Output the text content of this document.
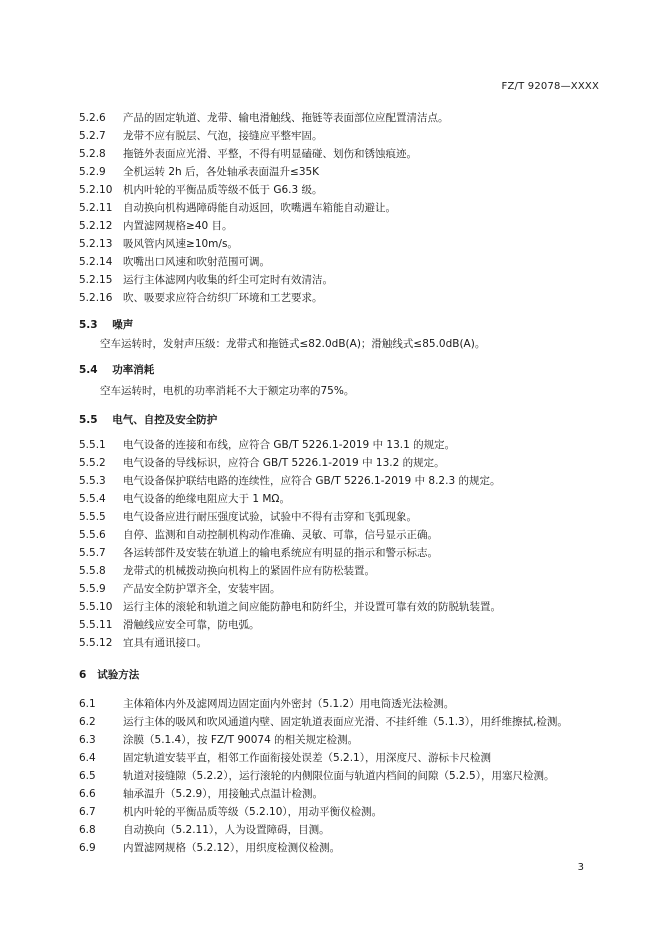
FZ/T 92078—XXXX
5.2.6 产品的固定轨道、龙带、输电滑触线、拖链等表面部位应配置清洁点。
5.2.7 龙带不应有脱层、气泡，接缝应平整牢固。
5.2.8 拖链外表面应光滑、平整，不得有明显磕碰、划伤和锈蚀痕迹。
5.2.9 全机运转 2h 后，各处轴承表面温升≤35K
5.2.10 机内叶轮的平衡品质等级不低于 G6.3 级。
5.2.11 自动换向机构遇障碍能自动返回，吹嘴遇车箱能自动避让。
5.2.12 内置滤网规格≥40 目。
5.2.13 吸风管内风速≥10m/s。
5.2.14 吹嘴出口风速和吹射范围可调。
5.2.15 运行主体滤网内收集的纤尘可定时有效清洁。
5.2.16 吹、吸要求应符合纺织厂环境和工艺要求。
5.3 噪声
空车运转时，发射声压级：龙带式和拖链式≤82.0dB(A)；滑触线式≤85.0dB(A)。
5.4 功率消耗
空车运转时，电机的功率消耗不大于额定功率的75%。
5.5 电气、自控及安全防护
5.5.1 电气设备的连接和布线，应符合 GB/T 5226.1-2019 中 13.1 的规定。
5.5.2 电气设备的导线标识，应符合 GB/T 5226.1-2019 中 13.2 的规定。
5.5.3 电气设备保护联结电路的连续性，应符合 GB/T 5226.1-2019 中 8.2.3 的规定。
5.5.4 电气设备的绝缘电阻应大于 1 MΩ。
5.5.5 电气设备应进行耐压强度试验，试验中不得有击穿和飞弧现象。
5.5.6 自停、监测和自动控制机构动作准确、灵敏、可靠，信号显示正确。
5.5.7 各运转部件及安装在轨道上的输电系统应有明显的指示和警示标志。
5.5.8 龙带式的机械拨动换向机构上的紧固件应有防松装置。
5.5.9 产品安全防护罩齐全，安装牢固。
5.5.10 运行主体的滚轮和轨道之间应能防静电和防纤尘，并设置可靠有效的防脱轨装置。
5.5.11 滑触线应安全可靠，防电弧。
5.5.12 宜具有通讯接口。
6 试验方法
6.1	主体箱体内外及滤网周边固定面内外密封（5.1.2）用电筒透光法检测。
6.2	运行主体的吸风和吹风通道内壁、固定轨道表面应光滑、不挂纤维（5.1.3），用纤维擦拭,检测。
6.3	涂膜（5.1.4），按 FZ/T 90074 的相关规定检测。
6.4	固定轨道安装平直，相邻工作面衔接处误差（5.2.1），用深度尺、游标卡尺检测
6.5	轨道对接缝隙（5.2.2），运行滚轮的内侧限位面与轨道内档间的间隙（5.2.5），用塞尺检测。
6.6	轴承温升（5.2.9），用接触式点温计检测。
6.7	机内叶轮的平衡品质等级（5.2.10），用动平衡仪检测。
6.8	自动换向（5.2.11），人为设置障碍，目测。
6.9	内置滤网规格（5.2.12），用织度检测仪检测。
3
